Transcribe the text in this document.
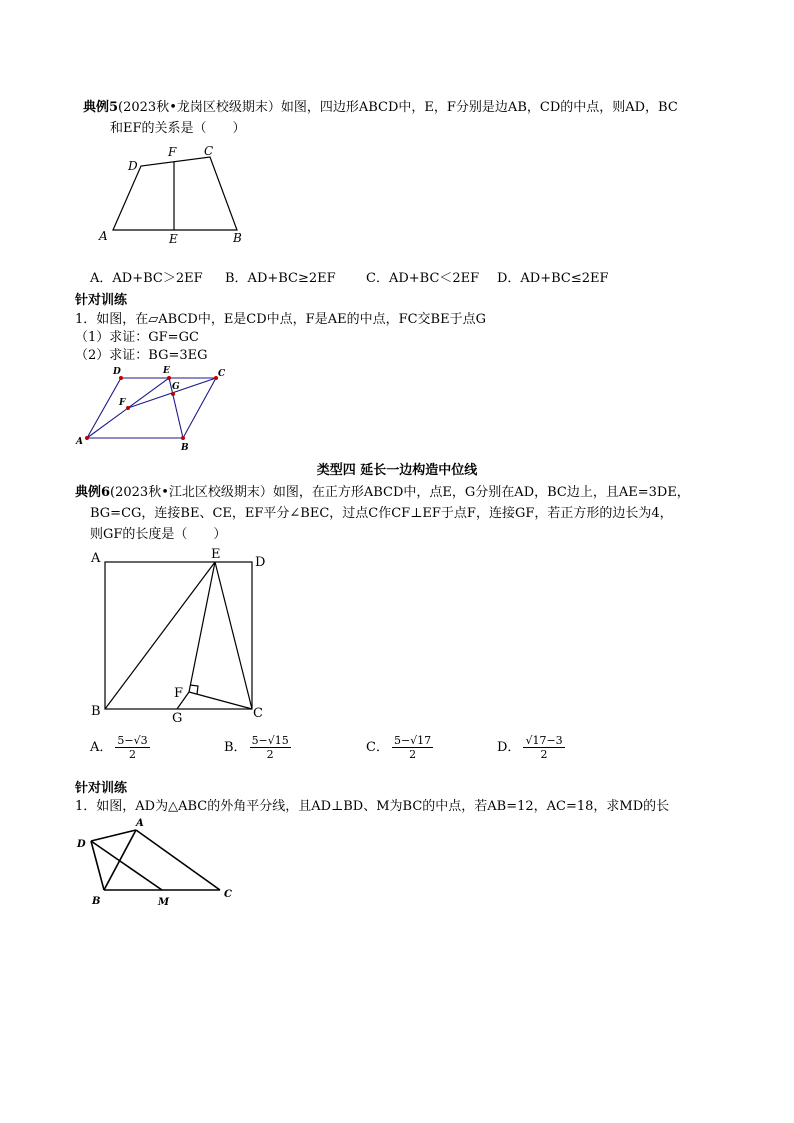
典例5(2023秋•龙岗区校级期末）如图，四边形ABCD中，E，F分别是边AB，CD的中点，则AD，BC
和EF的关系是（　　）
D
F C
A	E	B
A．AD+BC＞2EF B．AD+BC≥2EF C．AD+BC＜2EF D．AD+BC≤2EF
针对训练
1．如图，在▱ABCD中，E是CD中点，F是AE的中点，FC交BE于点G
（1）求证：GF=GC
（2）求证：BG=3EG
D	E	C
G
F
A
B
类型四 延长一边构造中位线
典例6(2023秋•江北区校级期末）如图，在正方形ABCD中，点E，G分别在AD，BC边上，且AE=3DE，
BG=CG，连接BE、CE，EF平分∠BEC，过点C作CF⊥EF于点F，连接GF，若正方形的边长为4，
则GF的长度是（　　）
A	E
D
B
F
G	C
A． $\frac{5-√3}{2}$	B． $\frac{5-√15}{2}$	C． $\frac{5-√17}{2}$	D． $\frac{√17-3}{2}$
针对训练
1．如图，AD为△ABC的外角平分线，且AD⊥BD、M为BC的中点，若AB=12，AC=18，求MD的长
A
D
B	M
C
